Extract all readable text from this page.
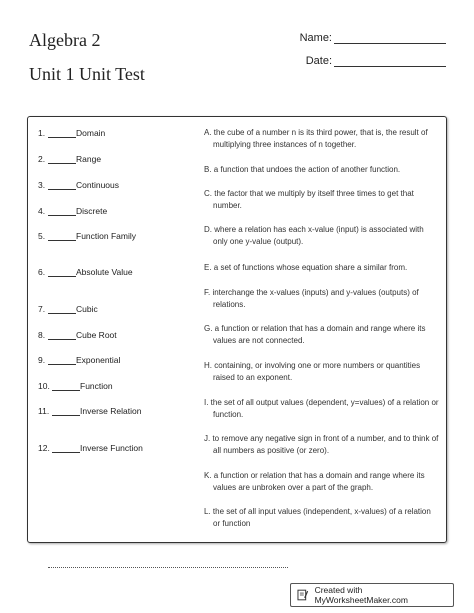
Algebra 2
Unit 1 Unit Test
Name:
Date:
1.	Domain
2.	Range
3.	Continuous
4.	Discrete
5.	Function Family
6.	Absolute Value
7.	Cubic
8.	Cube Root
9.	Exponential
10.	Function
11.	Inverse Relation
12.	Inverse Function
A. the cube of a number n is its third power, that is, the result of multiplying three instances of n together.
B. a function that undoes the action of another function.
C. the factor that we multiply by itself three times to get that number.
D. where a relation has each x-value (input) is associated with only one y-value (output).
E. a set of functions whose equation share a similar from.
F. interchange the x-values (inputs) and y-values (outputs) of relations.
G. a function or relation that has a domain and range where its values are not connected.
H. containing, or involving one or more numbers or quantities raised to an exponent.
I. the set of all output values (dependent, y=values) of a relation or function.
J. to remove any negative sign in front of a number, and to think of all numbers as positive (or zero).
K. a function or relation that has a domain and range where its values are unbroken over a part of the graph.
L. the set of all input values (independent, x-values) of a relation or function
Created with MyWorksheetMaker.com
